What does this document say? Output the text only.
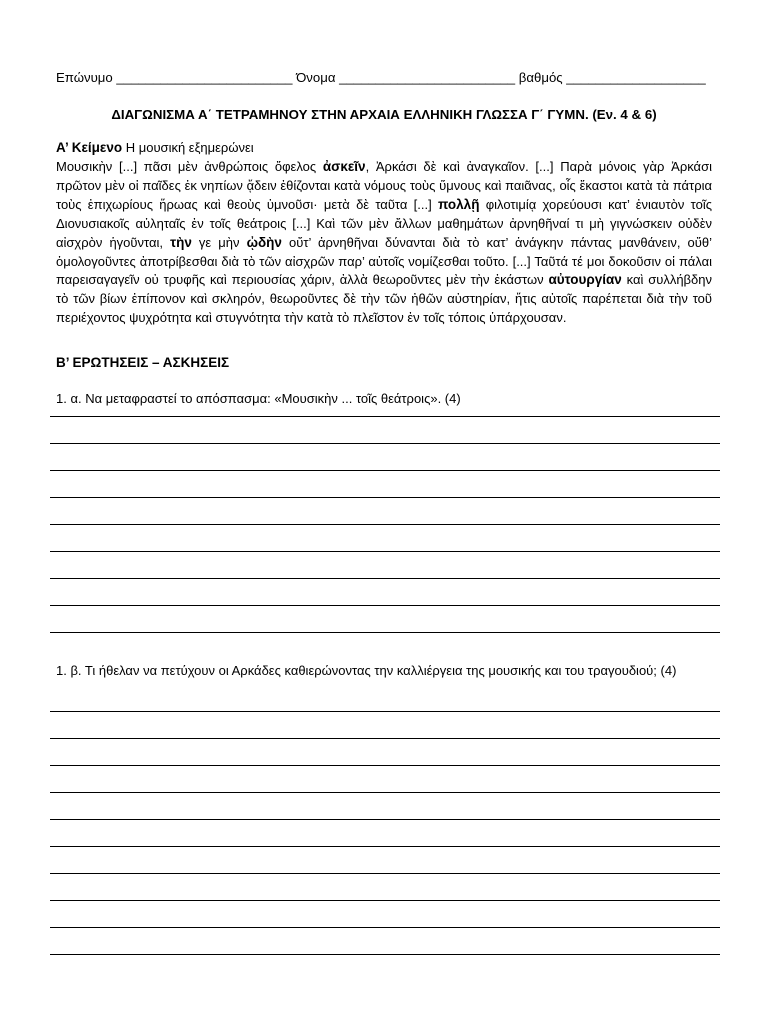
Επώνυμο ________________________ Όνομα ________________________ βαθμός ___________________
ΔΙΑΓΩΝΙΣΜΑ Α΄ ΤΕΤΡΑΜΗΝΟΥ ΣΤΗΝ ΑΡΧΑΙΑ ΕΛΛΗΝΙΚΗ ΓΛΩΣΣΑ Γ΄ ΓΥΜΝ. (Εν. 4 & 6)
Α’ Κείμενο Η μουσική εξημερώνει
Μουσικὴν [...] πᾶσι μὲν ἀνθρώποις ὄφελος ἀσκεῖν, Ἀρκάσι δὲ καὶ ἀναγκαῖον. [...] Παρὰ μόνοις γὰρ Ἀρκάσι πρῶτον μὲν οἱ παῖδες ἐκ νηπίων ᾄδειν ἐθίζονται κατὰ νόμους τοὺς ὕμνους καὶ παιᾶνας, οἷς ἕκαστοι κατὰ τὰ πάτρια τοὺς ἐπιχωρίους ἥρωας καὶ θεοὺς ὑμνοῦσι· μετὰ δὲ ταῦτα [...] πολλῇ φιλοτιμίᾳ χορεύουσι κατ’ ἐνιαυτὸν τοῖς Διονυσιακοῖς αὐληταῖς ἐν τοῖς θεάτροις [...] Καὶ τῶν μὲν ἄλλων μαθημάτων ἀρνηθῆναί τι μὴ γιγνώσκειν οὐδὲν αἰσχρὸν ἡγοῦνται, τὴν γε μὴν ᾠδὴν οὔτ’ ἀρνηθῆναι δύνανται διὰ τὸ κατ’ ἀνάγκην πάντας μανθάνειν, οὔθ’ ὁμολογοῦντες ἀποτρίβεσθαι διὰ τὸ τῶν αἰσχρῶν παρ’ αὐτοῖς νομίζεσθαι τοῦτο. [...] Ταῦτά τέ μοι δοκοῦσιν οἱ πάλαι παρεισαγαγεῖν οὐ τρυφῆς καὶ περιουσίας χάριν, ἀλλὰ θεωροῦντες μὲν τὴν ἑκάστων αὐτουργίαν καὶ συλλήβδην τὸ τῶν βίων ἐπίπονον καὶ σκληρόν, θεωροῦντες δὲ τὴν τῶν ἠθῶν αὐστηρίαν, ἥτις αὐτοῖς παρέπεται διὰ τὴν τοῦ περιέχοντος ψυχρότητα καὶ στυγνότητα τὴν κατὰ τὸ πλεῖστον ἐν τοῖς τόποις ὑπάρχουσαν.
Β’ ΕΡΩΤΗΣΕΙΣ – ΑΣΚΗΣΕΙΣ
1. α. Να μεταφραστεί το απόσπασμα: «Μουσικὴν ... τοῖς θεάτροις». (4)
1. β. Τι ήθελαν να πετύχουν οι Αρκάδες καθιερώνοντας την καλλιέργεια της μουσικής και του τραγουδιού; (4)
